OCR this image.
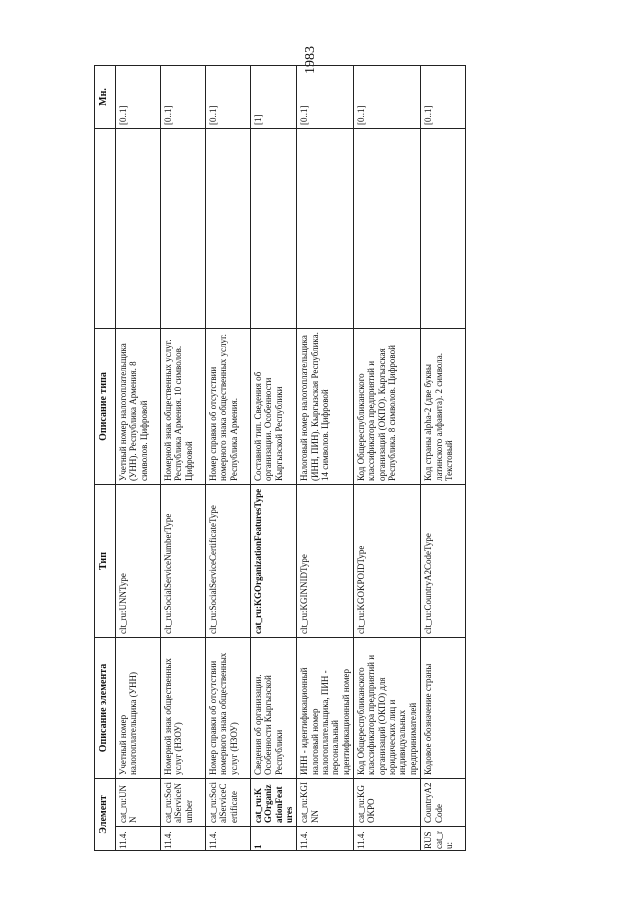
1983
Элемент		Описание элемента	Тип	Описание типа		Мн.
11.4.	cat_ru:UNN	Учетный номер налогоплательщика (УНН)	clt_ru:UNNType	Учетный номер налогоплательщика (УНН). Республика Армения. 8 символов. Цифровой		[0..1]
11.4.	cat_ru:SocialServiceNumber	Номерной знак общественных услуг (НЗОУ)	clt_ru:SocialServiceNumberType	Номерной знак общественных услуг. Республика Армения. 10 символов. Цифровой		[0..1]
11.4.	cat_ru:SocialServiceCertificate	Номер справки об отсутствии номерного знака общественных услуг (НЗОУ)	clt_ru:SocialServiceCertificateType	Номер справки об отсутствии номерного знака общественных услуг. Республика Армения.		[0..1]
1	cat_ru:KGOrganizationFeatures	Сведения об организации. Особенности Кыргызской Республики	cat_ru:KGOrganizationFeaturesType	Составной тип. Сведения об организации. Особенности Кыргызской Республики		[1]
11.4.	cat_ru:KGINN	ИНН - идентификационный налоговый номер налогоплательщика, ПИН - персональный идентификационный номер	clt_ru:KGINNIDType	Налоговый номер налогоплательщика (ИНН, ПИН). Кыргызская Республика. 14 символов. Цифровой		[0..1]
11.4.	cat_ru:KGOKPO	Код Общереспубликанского классификатора предприятий и организаций (ОКПО) для юридических лиц и индивидуальных предпринимателей	clt_ru:KGOKPOIDType	Код Общереспубликанского классификатора предприятий и организаций (ОКПО). Кыргызская Республика. 8 символов. Цифровой		[0..1]
RUScat_ru:	CountryA2Code	Кодовое обозначение страны	clt_ru:CountryA2CodeType	Код страны alpha-2 (две буквы латинского алфавита). 2 символа. Текстовый		[0..1]
